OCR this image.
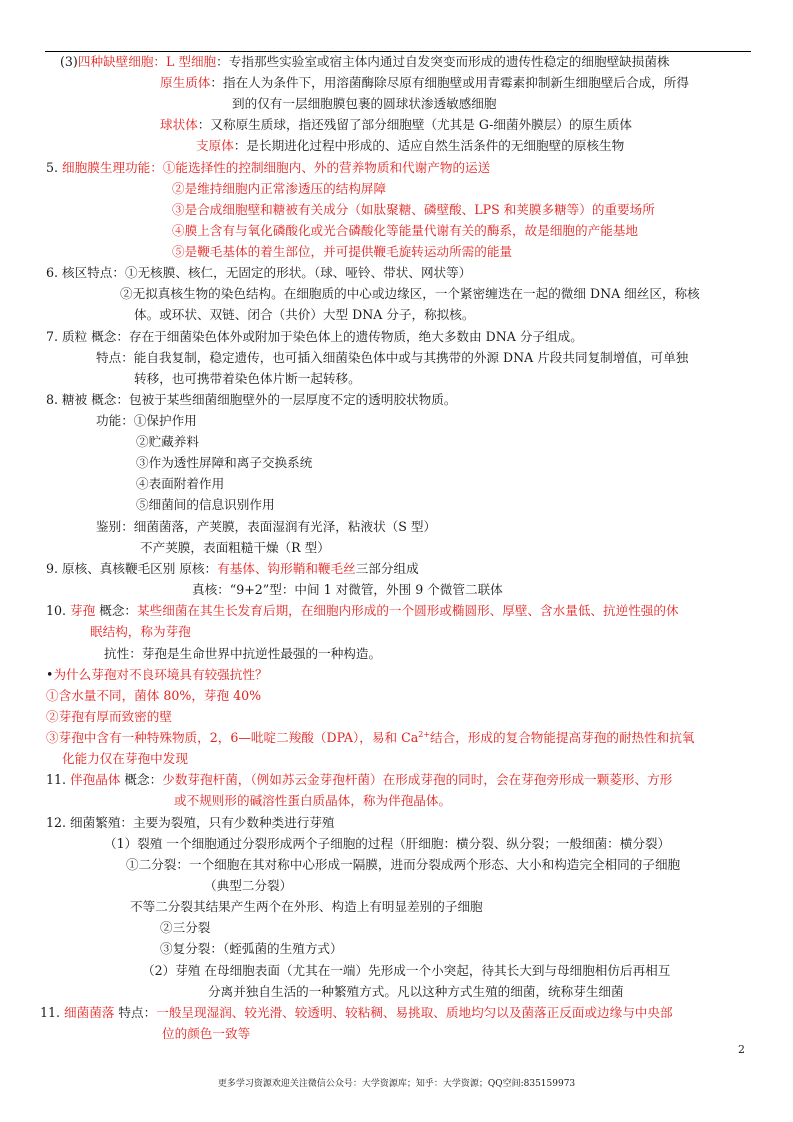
(3)四种缺壁细胞：L 型细胞：专指那些实验室或宿主体内通过自发突变而形成的遗传性稳定的细胞壁缺损菌株
原生质体：指在人为条件下，用溶菌酶除尽原有细胞壁或用青霉素抑制新生细胞壁后合成，所得
到的仅有一层细胞膜包裹的圆球状渗透敏感细胞
球状体：又称原生质球，指还残留了部分细胞壁（尤其是 G-细菌外膜层）的原生质体
支原体：是长期进化过程中形成的、适应自然生活条件的无细胞壁的原核生物
5. 细胞膜生理功能：①能选择性的控制细胞内、外的营养物质和代谢产物的运送
②是维持细胞内正常渗透压的结构屏障
③是合成细胞壁和糖被有关成分（如肽聚糖、磷壁酸、LPS 和荚膜多糖等）的重要场所
④膜上含有与氧化磷酸化或光合磷酸化等能量代谢有关的酶系，故是细胞的产能基地
⑤是鞭毛基体的着生部位，并可提供鞭毛旋转运动所需的能量
6. 核区特点：①无核膜、核仁，无固定的形状。（球、哑铃、带状、网状等）
②无拟真核生物的染色结构。在细胞质的中心或边缘区，一个紧密缠迭在一起的微细 DNA 细丝区，称核
体。或环状、双链、闭合（共价）大型 DNA 分子，称拟核。
7. 质粒 概念：存在于细菌染色体外或附加于染色体上的遗传物质，绝大多数由 DNA 分子组成。
特点：能自我复制，稳定遗传，也可插入细菌染色体中或与其携带的外源 DNA 片段共同复制增值，可单独
转移，也可携带着染色体片断一起转移。
8. 糖被 概念：包被于某些细菌细胞壁外的一层厚度不定的透明胶状物质。
功能：①保护作用
②贮藏养料
③作为透性屏障和离子交换系统
④表面附着作用
⑤细菌间的信息识别作用
鉴别：细菌菌落，产荚膜，表面湿润有光泽，粘液状（S 型）
不产荚膜，表面粗糙干燥（R 型）
9. 原核、真核鞭毛区别 原核：有基体、钩形鞘和鞭毛丝三部分组成
真核：“9+2”型：中间 1 对微管，外围 9 个微管二联体
10. 芽孢 概念：某些细菌在其生长发育后期，在细胞内形成的一个圆形或椭圆形、厚壁、含水量低、抗逆性强的休
眠结构，称为芽孢
抗性：芽孢是生命世界中抗逆性最强的一种构造。
•为什么芽孢对不良环境具有较强抗性？
①含水量不同，菌体 80%，芽孢 40%
②芽孢有厚而致密的壁
③芽孢中含有一种特殊物质，2，6—吡啶二羧酸（DPA），易和 $Ca^{2+}$结合，形成的复合物能提高芽孢的耐热性和抗氧
化能力仅在芽孢中发现
11. 伴孢晶体 概念：少数芽孢杆菌，（例如苏云金芽孢杆菌）在形成芽孢的同时，会在芽孢旁形成一颗菱形、方形
或不规则形的碱溶性蛋白质晶体，称为伴孢晶体。
12. 细菌繁殖：主要为裂殖，只有少数种类进行芽殖
（1）裂殖 一个细胞通过分裂形成两个子细胞的过程（肝细胞：横分裂、纵分裂；一般细菌：横分裂）
①二分裂：一个细胞在其对称中心形成一隔膜，进而分裂成两个形态、大小和构造完全相同的子细胞
（典型二分裂）
不等二分裂其结果产生两个在外形、构造上有明显差别的子细胞
②三分裂
③复分裂：（蛭弧菌的生殖方式）
（2）芽殖 在母细胞表面（尤其在一端）先形成一个小突起，待其长大到与母细胞相仿后再相互
分离并独自生活的一种繁殖方式。凡以这种方式生殖的细菌，统称芽生细菌
11. 细菌菌落 特点：一般呈现湿润、较光滑、较透明、较粘稠、易挑取、质地均匀以及菌落正反面或边缘与中央部
位的颜色一致等
2
更多学习资源欢迎关注微信公众号：大学资源库；知乎：大学资源；QQ空间:835159973
